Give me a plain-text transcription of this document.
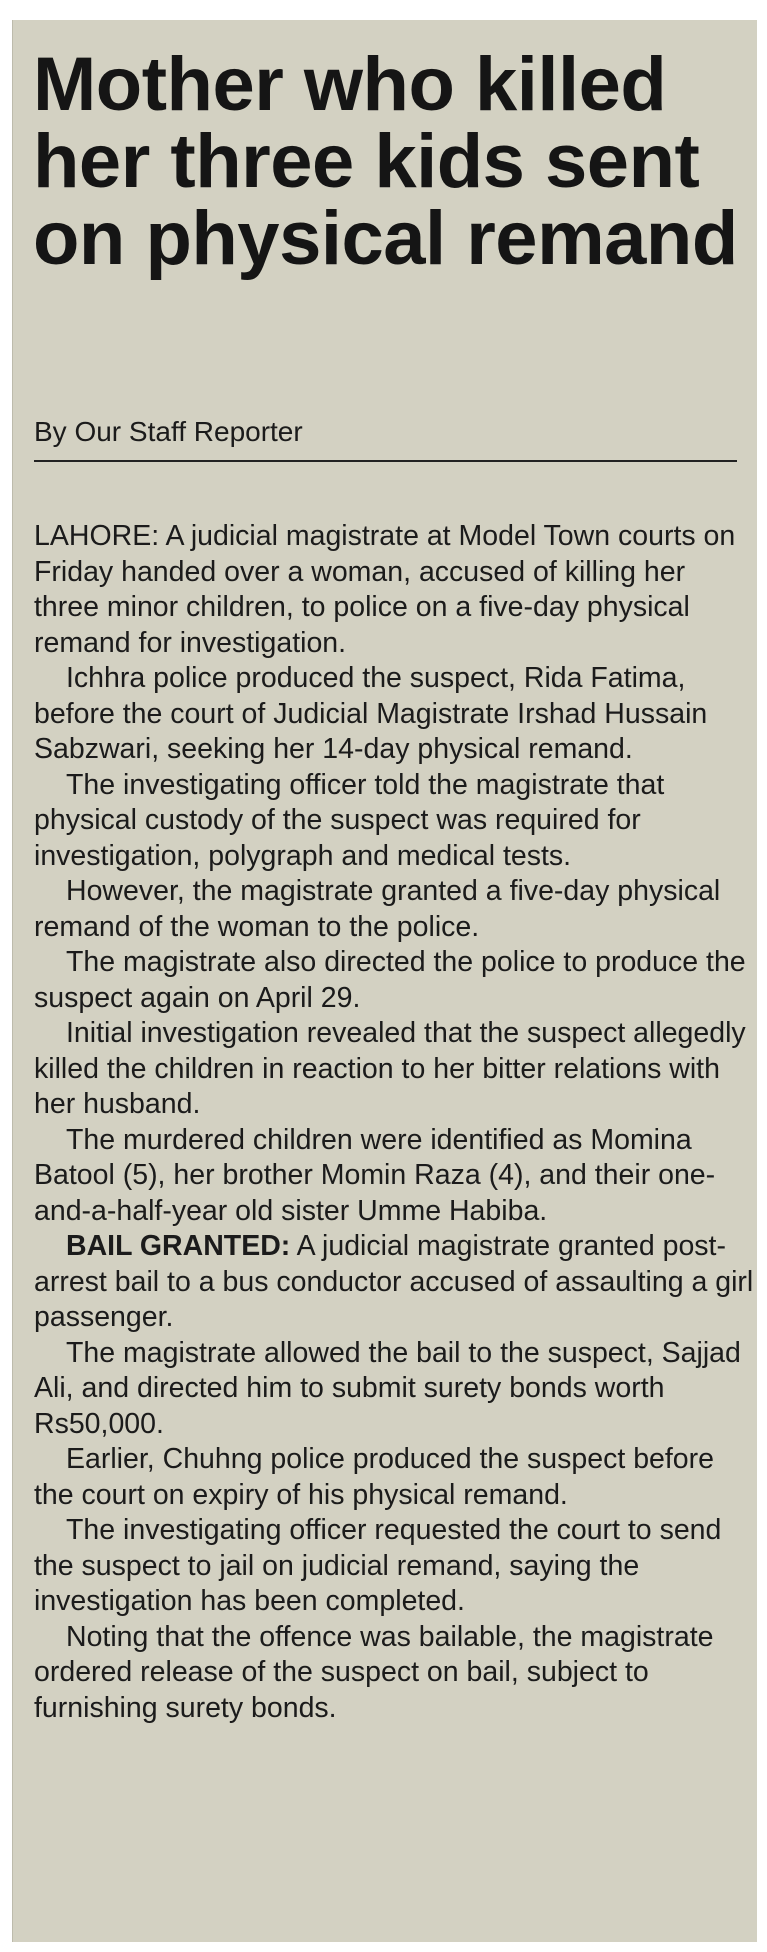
Mother who killed her three kids sent on physical remand
By Our Staff Reporter

LAHORE: A judicial magistrate at Model Town courts on Friday handed over a woman, accused of killing her three minor children, to police on a five-day physical remand for investigation.

Ichhra police produced the suspect, Rida Fatima, before the court of Judicial Magistrate Irshad Hussain Sabzwari, seeking her 14-day physical remand.

The investigating officer told the magistrate that physical custody of the suspect was required for investigation, polygraph and medical tests.

However, the magistrate granted a five-day physical remand of the woman to the police.

The magistrate also directed the police to produce the suspect again on April 29.

Initial investigation revealed that the suspect allegedly killed the children in reaction to her bitter relations with her husband.

The murdered children were identified as Momina Batool (5), her brother Momin Raza (4), and their one-and-a-half-year old sister Umme Habiba.

BAIL GRANTED: A judicial magistrate granted post-arrest bail to a bus conductor accused of assaulting a girl passenger.

The magistrate allowed the bail to the suspect, Sajjad Ali, and directed him to submit surety bonds worth Rs50,000.

Earlier, Chuhng police produced the suspect before the court on expiry of his physical remand.

The investigating officer requested the court to send the suspect to jail on judicial remand, saying the investigation has been completed.

Noting that the offence was bailable, the magistrate ordered release of the suspect on bail, subject to furnishing surety bonds.
